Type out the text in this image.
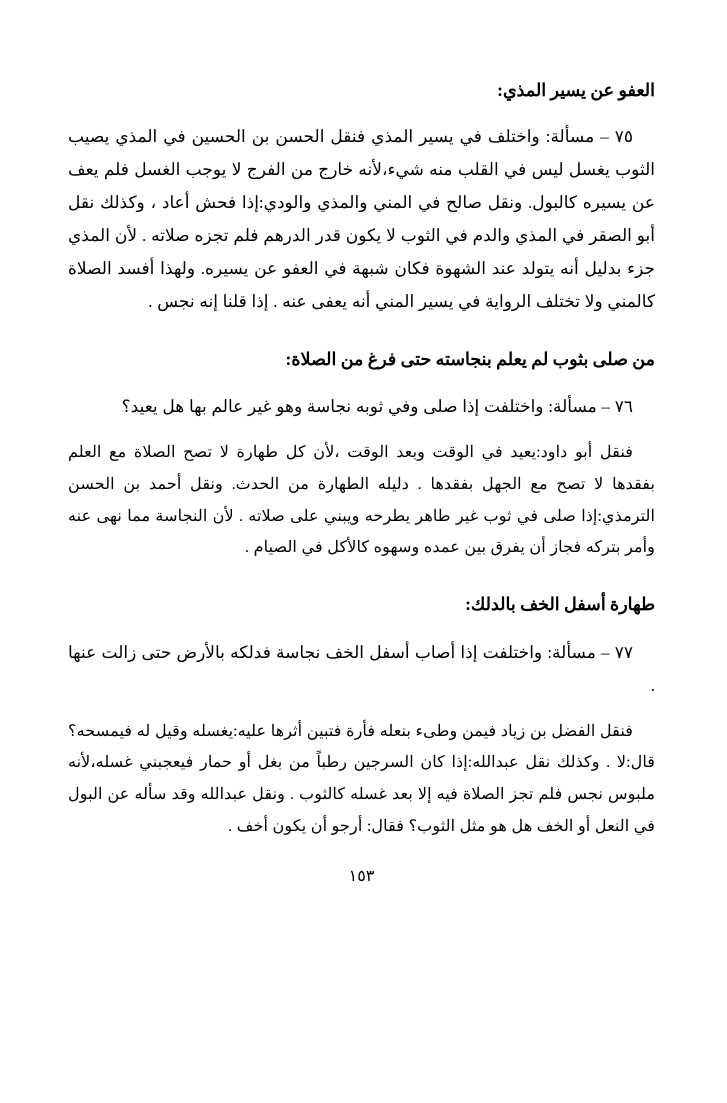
العفو عن يسير المذي:

٧٥ – مسألة: واختلف في يسير المذي فنقل الحسن بن الحسين في المذي يصيب الثوب يغسل ليس في القلب منه شيء،لأنه خارج من الفرج لا يوجب الغسل فلم يعف عن يسيره كالبول. ونقل صالح في المني والمذي والودي:إذا فحش أعاد ، وكذلك نقل أبو الصقر في المذي والدم في الثوب لا يكون قدر الدرهم فلم تجزه صلاته . لأن المذي جزء بدليل أنه يتولد عند الشهوة فكان شبهة في العفو عن يسيره. ولهذا أفسد الصلاة كالمني ولا تختلف الرواية في يسير المني أنه يعفى عنه . إذا قلنا إنه نجس .

من صلى بثوب لم يعلم بنجاسته حتى فرغ من الصلاة:

٧٦ – مسألة: واختلفت إذا صلى وفي ثوبه نجاسة وهو غير عالم بها هل يعيد؟

فنقل أبو داود:يعيد في الوقت وبعد الوقت ،لأن كل طهارة لا تصح الصلاة مع العلم بفقدها لا تصح مع الجهل بفقدها . دليله الطهارة من الحدث. ونقل أحمد بن الحسن الترمذي:إذا صلى في ثوب غير طاهر يطرحه ويبني على صلاته . لأن النجاسة مما نهى عنه وأمر بتركه فجاز أن يفرق بين عمده وسهوه كالأكل في الصيام .

طهارة أسفل الخف بالدلك:

٧٧ – مسألة: واختلفت إذا أصاب أسفل الخف نجاسة فدلكه بالأرض حتى زالت عنها .

فنقل الفضل بن زياد فيمن وطىء بنعله فأرة فتبين أثرها عليه:يغسله وقيل له فيمسحه؟ قال:لا . وكذلك نقل عبدالله:إذا كان السرجين رطباً من بغل أو حمار فيعجبني غسله،لأنه ملبوس نجس فلم تجز الصلاة فيه إلا بعد غسله كالثوب . ونقل عبدالله وقد سأله عن البول في النعل أو الخف هل هو مثل الثوب؟ فقال: أرجو أن يكون أخف .

١٥٣
